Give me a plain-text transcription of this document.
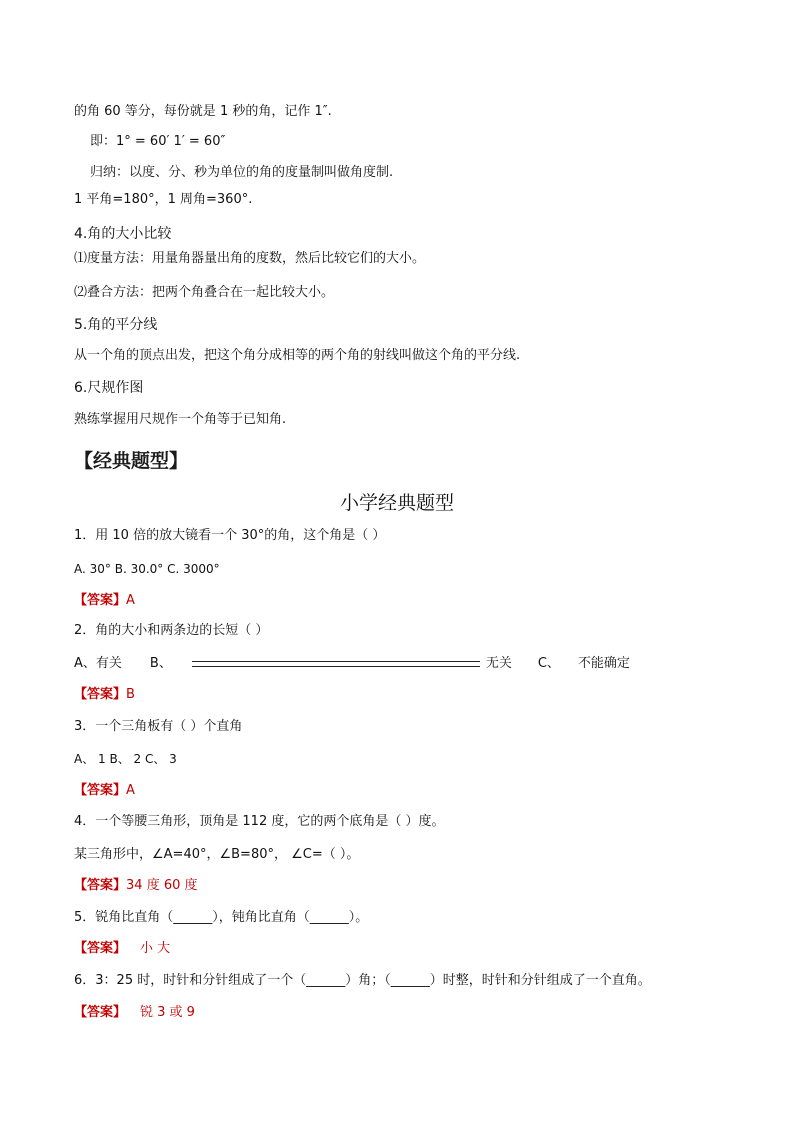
的角 60 等分，每份就是 1 秒的角，记作 1″.
即：1° = 60′ 1′ = 60″
归纳：以度、分、秒为单位的角的度量制叫做角度制.
1 平角=180°，1 周角=360°.
4.角的大小比较
⑴度量方法：用量角器量出角的度数，然后比较它们的大小。
⑵叠合方法：把两个角叠合在一起比较大小。
5.角的平分线
从一个角的顶点出发，把这个角分成相等的两个角的射线叫做这个角的平分线.
6.尺规作图
熟练掌握用尺规作一个角等于已知角.
【经典题型】
小学经典题型
1．用 10 倍的放大镜看一个 30°的角，这个角是（ ）
A. 30° B. 30.0° C. 3000°
【答案】A
2．角的大小和两条边的长短（ ）
A、有关 B、	无关 C、 不能确定
【答案】B
3．一个三角板有（ ）个直角
A、 1 B、 2 C、 3
【答案】A
4．一个等腰三角形，顶角是 112 度，它的两个底角是（ ）度。
某三角形中，∠A=40°，∠B=80°， ∠C=（ ）。
【答案】34 度 60 度
5．锐角比直角（______），钝角比直角（______）。
【答案】 小 大
6．3：25 时，时针和分针组成了一个（______）角；（______）时整，时针和分针组成了一个直角。
【答案】 锐 3 或 9
